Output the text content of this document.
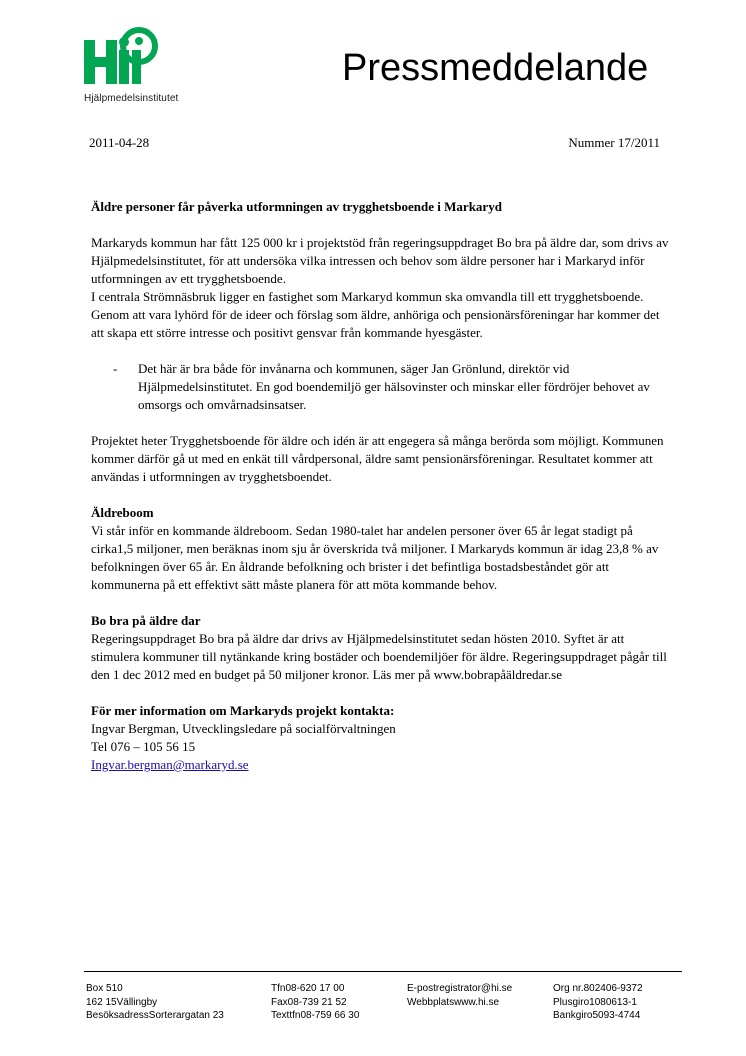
Hjälpmedelsinstitutet
Pressmeddelande
2011-04-28	Nummer 17/2011

Äldre personer får påverka utformningen av trygghetsboende i Markaryd

Markaryds kommun har fått 125 000 kr i projektstöd från regeringsuppdraget Bo bra på äldre dar, som drivs av Hjälpmedelsinstitutet, för att undersöka vilka intressen och behov som äldre personer har i Markaryd inför utformningen av ett trygghetsboende.

I centrala Strömnäsbruk ligger en fastighet som Markaryd kommun ska omvandla till ett trygghetsboende. Genom att vara lyhörd för de ideer och förslag som äldre, anhöriga och pensionärsföreningar har kommer det att skapa ett större intresse och positivt gensvar från kommande hyesgäster.

-	Det här är bra både för invånarna och kommunen, säger Jan Grönlund, direktör vid Hjälpmedelsinstitutet. En god boendemiljö ger hälsovinster och minskar eller fördröjer behovet av omsorgs och omvårnadsinsatser.

Projektet heter Trygghetsboende för äldre och idén är att engegera så många berörda som möjligt. Kommunen kommer därför gå ut med en enkät till vårdpersonal, äldre samt pensionärsföreningar. Resultatet kommer att användas i utformningen av trygghetsboendet.

Äldreboom

Vi står inför en kommande äldreboom. Sedan 1980-talet har andelen personer över 65 år legat stadigt på cirka1,5 miljoner, men beräknas inom sju år överskrida två miljoner. I Markaryds kommun är idag 23,8 % av befolkningen över 65 år. En åldrande befolkning och brister i det befintliga bostadsbeståndet gör att kommunerna på ett effektivt sätt måste planera för att möta kommande behov.

Bo bra på äldre dar

Regeringsuppdraget Bo bra på äldre dar drivs av Hjälpmedelsinstitutet sedan hösten 2010. Syftet är att stimulera kommuner till nytänkande kring bostäder och boendemiljöer för äldre. Regeringsuppdraget pågår till den 1 dec 2012 med en budget på 50 miljoner kronor. Läs mer på www.bobrapåäldredar.se

För mer information om Markaryds projekt kontakta:

Ingvar Bergman, Utvecklingsledare på socialförvaltningen

Tel 076 – 105 56 15

Ingvar.bergman@markaryd.se

Box 510
162 15Vällingby
BesöksadressSorterargatan 23
Tfn08-620 17 00
Fax08-739 21 52
Texttfn08-759 66 30
E-postregistrator@hi.se
Webbplatswww.hi.se
Org nr.802406-9372
Plusgiro1080613-1
Bankgiro5093-4744
